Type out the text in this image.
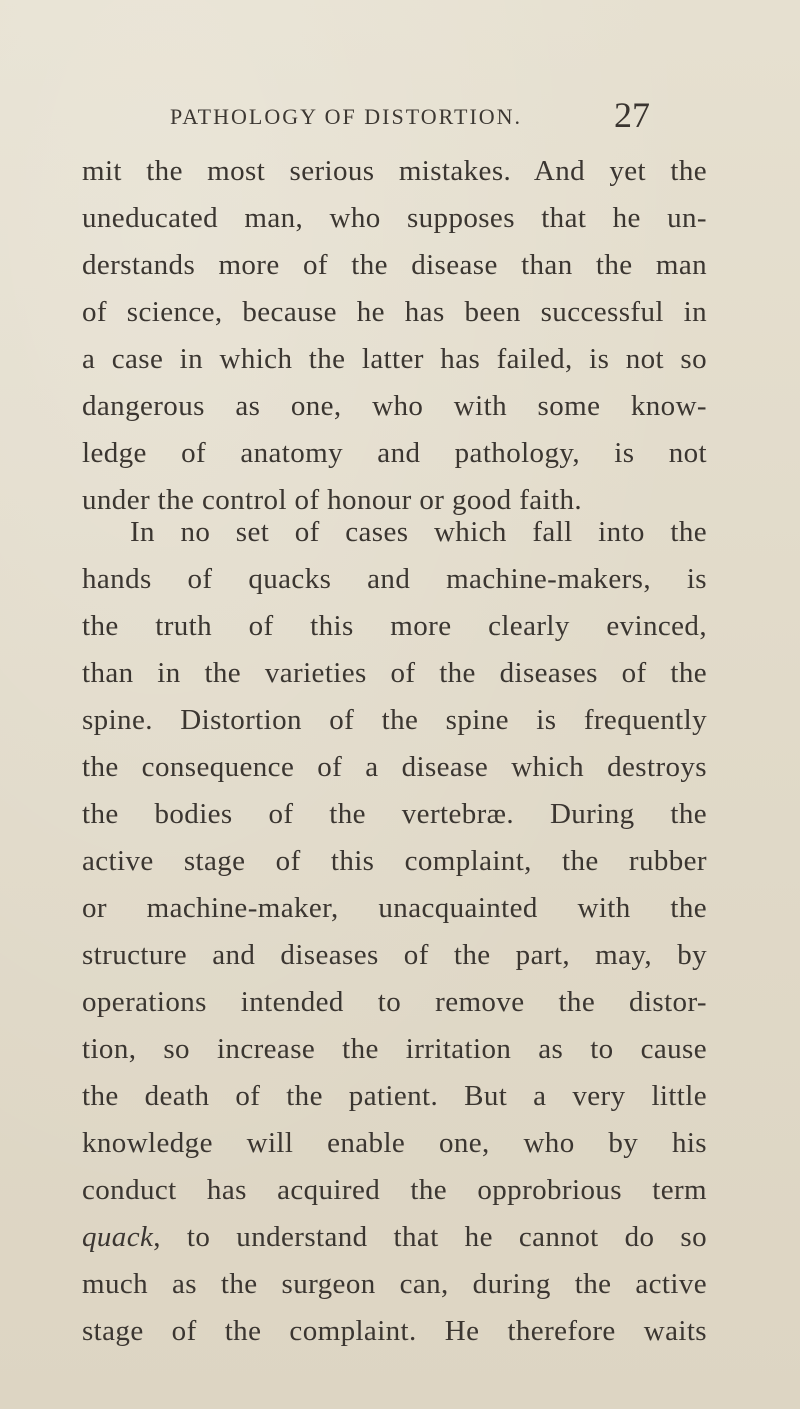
PATHOLOGY OF DISTORTION.	27
mit the most serious mistakes. And yet the
uneducated man, who supposes that he un-
derstands more of the disease than the man
of science, because he has been successful in
a case in which the latter has failed, is not so
dangerous as one, who with some know-
ledge of anatomy and pathology, is not
under the control of honour or good faith.
In no set of cases which fall into the
hands of quacks and machine-makers, is
the truth of this more clearly evinced,
than in the varieties of the diseases of the
spine. Distortion of the spine is frequently
the consequence of a disease which destroys
the bodies of the vertebræ. During the
active stage of this complaint, the rubber
or machine-maker, unacquainted with the
structure and diseases of the part, may, by
operations intended to remove the distor-
tion, so increase the irritation as to cause
the death of the patient. But a very little
knowledge will enable one, who by his
conduct has acquired the opprobrious term
quack, to understand that he cannot do so
much as the surgeon can, during the active
stage of the complaint. He therefore waits
